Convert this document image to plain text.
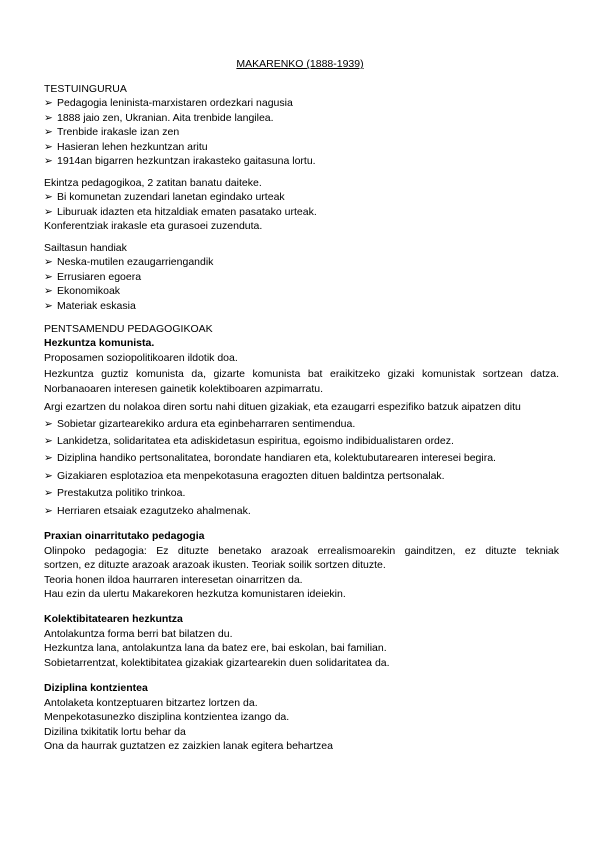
MAKARENKO (1888-1939)
TESTUINGURUA
➢ Pedagogia leninista-marxistaren ordezkari nagusia
➢ 1888 jaio zen, Ukranian. Aita trenbide langilea.
➢ Trenbide irakasle izan zen
➢ Hasieran lehen hezkuntzan aritu
➢ 1914an bigarren hezkuntzan irakasteko gaitasuna lortu.
Ekintza pedagogikoa, 2 zatitan banatu daiteke.
➢ Bi komunetan zuzendari lanetan egindako urteak
➢ Liburuak idazten eta hitzaldiak ematen pasatako urteak.
Konferentziak irakasle eta gurasoei zuzenduta.
Sailtasun handiak
➢ Neska-mutilen ezaugarriengandik
➢ Errusiaren egoera
➢ Ekonomikoak
➢ Materiak eskasia
PENTSAMENDU PEDAGOGIKOAK
Hezkuntza komunista.
Proposamen soziopolitikoaren ildotik doa.
Hezkuntza guztiz komunista da, gizarte komunista bat eraikitzeko gizaki komunistak sortzean datza.
Norbanaoaren interesen gainetik kolektiboaren azpimarratu.
Argi ezartzen du nolakoa diren sortu nahi dituen gizakiak, eta ezaugarri espezifiko batzuk aipatzen ditu
➢ Sobietar gizartearekiko ardura eta eginbeharraren sentimendua.
➢ Lankidetza, solidaritatea eta adiskidetasun espiritua, egoismo indibidualistaren ordez.
➢ Diziplina handiko pertsonalitatea, borondate handiaren eta, kolektubutarearen interesei begira.
➢ Gizakiaren esplotazioa eta menpekotasuna eragozten dituen baldintza pertsonalak.
➢ Prestakutza politiko trinkoa.
➢ Herriaren etsaiak ezagutzeko ahalmenak.
Praxian oinarritutako pedagogia
Olinpoko pedagogia: Ez dituzte benetako arazoak errealismoarekin gainditzen, ez dituzte tekniak
sortzen, ez dituzte arazoak arazoak ikusten. Teoriak soilik sortzen dituzte.
Teoria honen ildoa haurraren interesetan oinarritzen da.
Hau ezin da ulertu Makarekoren hezkutza komunistaren ideiekin.
Kolektibitatearen hezkuntza
Antolakuntza forma berri bat bilatzen du.
Hezkuntza lana, antolakuntza lana da batez ere, bai eskolan, bai familian.
Sobietarrentzat, kolektibitatea gizakiak gizartearekin duen solidaritatea da.
Diziplina kontzientea
Antolaketa kontzeptuaren bitzartez lortzen da.
Menpekotasunezko disziplina kontzientea izango da.
Dizilina txikitatik lortu behar da
Ona da haurrak guztatzen ez zaizkien lanak egitera behartzea
